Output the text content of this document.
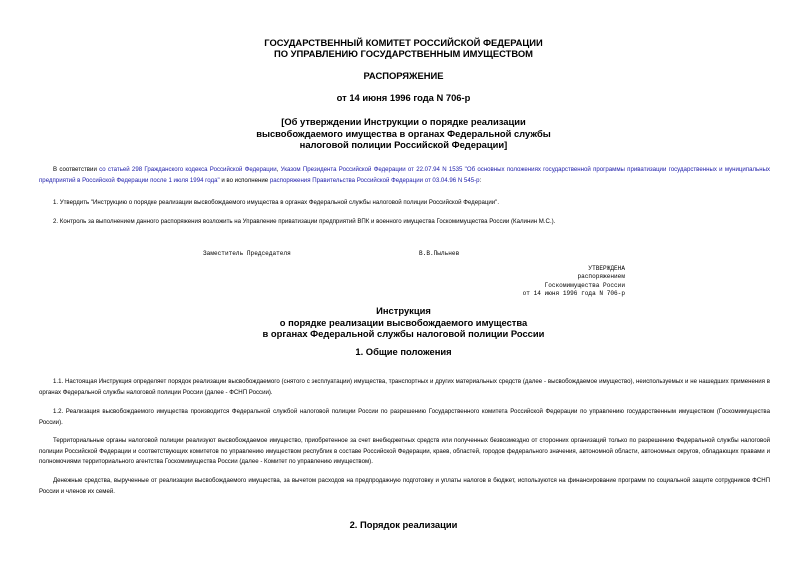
ГОСУДАРСТВЕННЫЙ КОМИТЕТ РОССИЙСКОЙ ФЕДЕРАЦИИ
ПО УПРАВЛЕНИЮ ГОСУДАРСТВЕННЫМ ИМУЩЕСТВОМ
РАСПОРЯЖЕНИЕ
от 14 июня 1996 года N 706-р
[Об утверждении Инструкции о порядке реализации
высвобождаемого имущества в органах Федеральной службы
налоговой полиции Российской Федерации]
В соответствии со статьей 298 Гражданского кодекса Российской Федерации, Указом Президента Российской Федерации от 22.07.94 N 1535 "Об основных положениях государственной программы приватизации государственных и муниципальных предприятий в Российской Федерации после 1 июля 1994 года" и во исполнение распоряжения Правительства Российской Федерации от 03.04.96 N 545-р:
1. Утвердить "Инструкцию о порядке реализации высвобождаемого имущества в органах Федеральной службы налоговой полиции Российской Федерации".
2. Контроль за выполнением данного распоряжения возложить на Управление приватизации предприятий ВПК и военного имущества Госкомимущества России (Калинин М.С.).
Заместитель Председателя	В.В.Пыльнев
УТВЕРЖДЕНА
распоряжением
Госкомимущества России
от 14 июня 1996 года N 706-р
Инструкция
о порядке реализации высвобождаемого имущества
в органах Федеральной службы налоговой полиции России
1. Общие положения
1.1. Настоящая Инструкция определяет порядок реализации высвобождаемого (снятого с эксплуатации) имущества, транспортных и других материальных средств (далее - высвобождаемое имущество), неиспользуемых и не нашедших применения в органах Федеральной службы налоговой полиции России (далее - ФСНП России).
1.2. Реализация высвобождаемого имущества производится Федеральной службой налоговой полиции России по разрешению Государственного комитета Российской Федерации по управлению государственным имуществом (Госкомимущества России).
Территориальные органы налоговой полиции реализуют высвобождаемое имущество, приобретенное за счет внебюджетных средств или полученных безвозмездно от сторонних организаций только по разрешению Федеральной службы налоговой полиции Российской Федерации и соответствующих комитетов по управлению имуществом республик в составе Российской Федерации, краев, областей, городов федерального значения, автономной области, автономных округов, обладающих правами и полномочиями территориального агентства Госкомимущества России (далее - Комитет по управлению имуществом).
Денежные средства, вырученные от реализации высвобождаемого имущества, за вычетом расходов на предпродажную подготовку и уплаты налогов в бюджет, используются на финансирование программ по социальной защите сотрудников ФСНП России и членов их семей.
2. Порядок реализации
